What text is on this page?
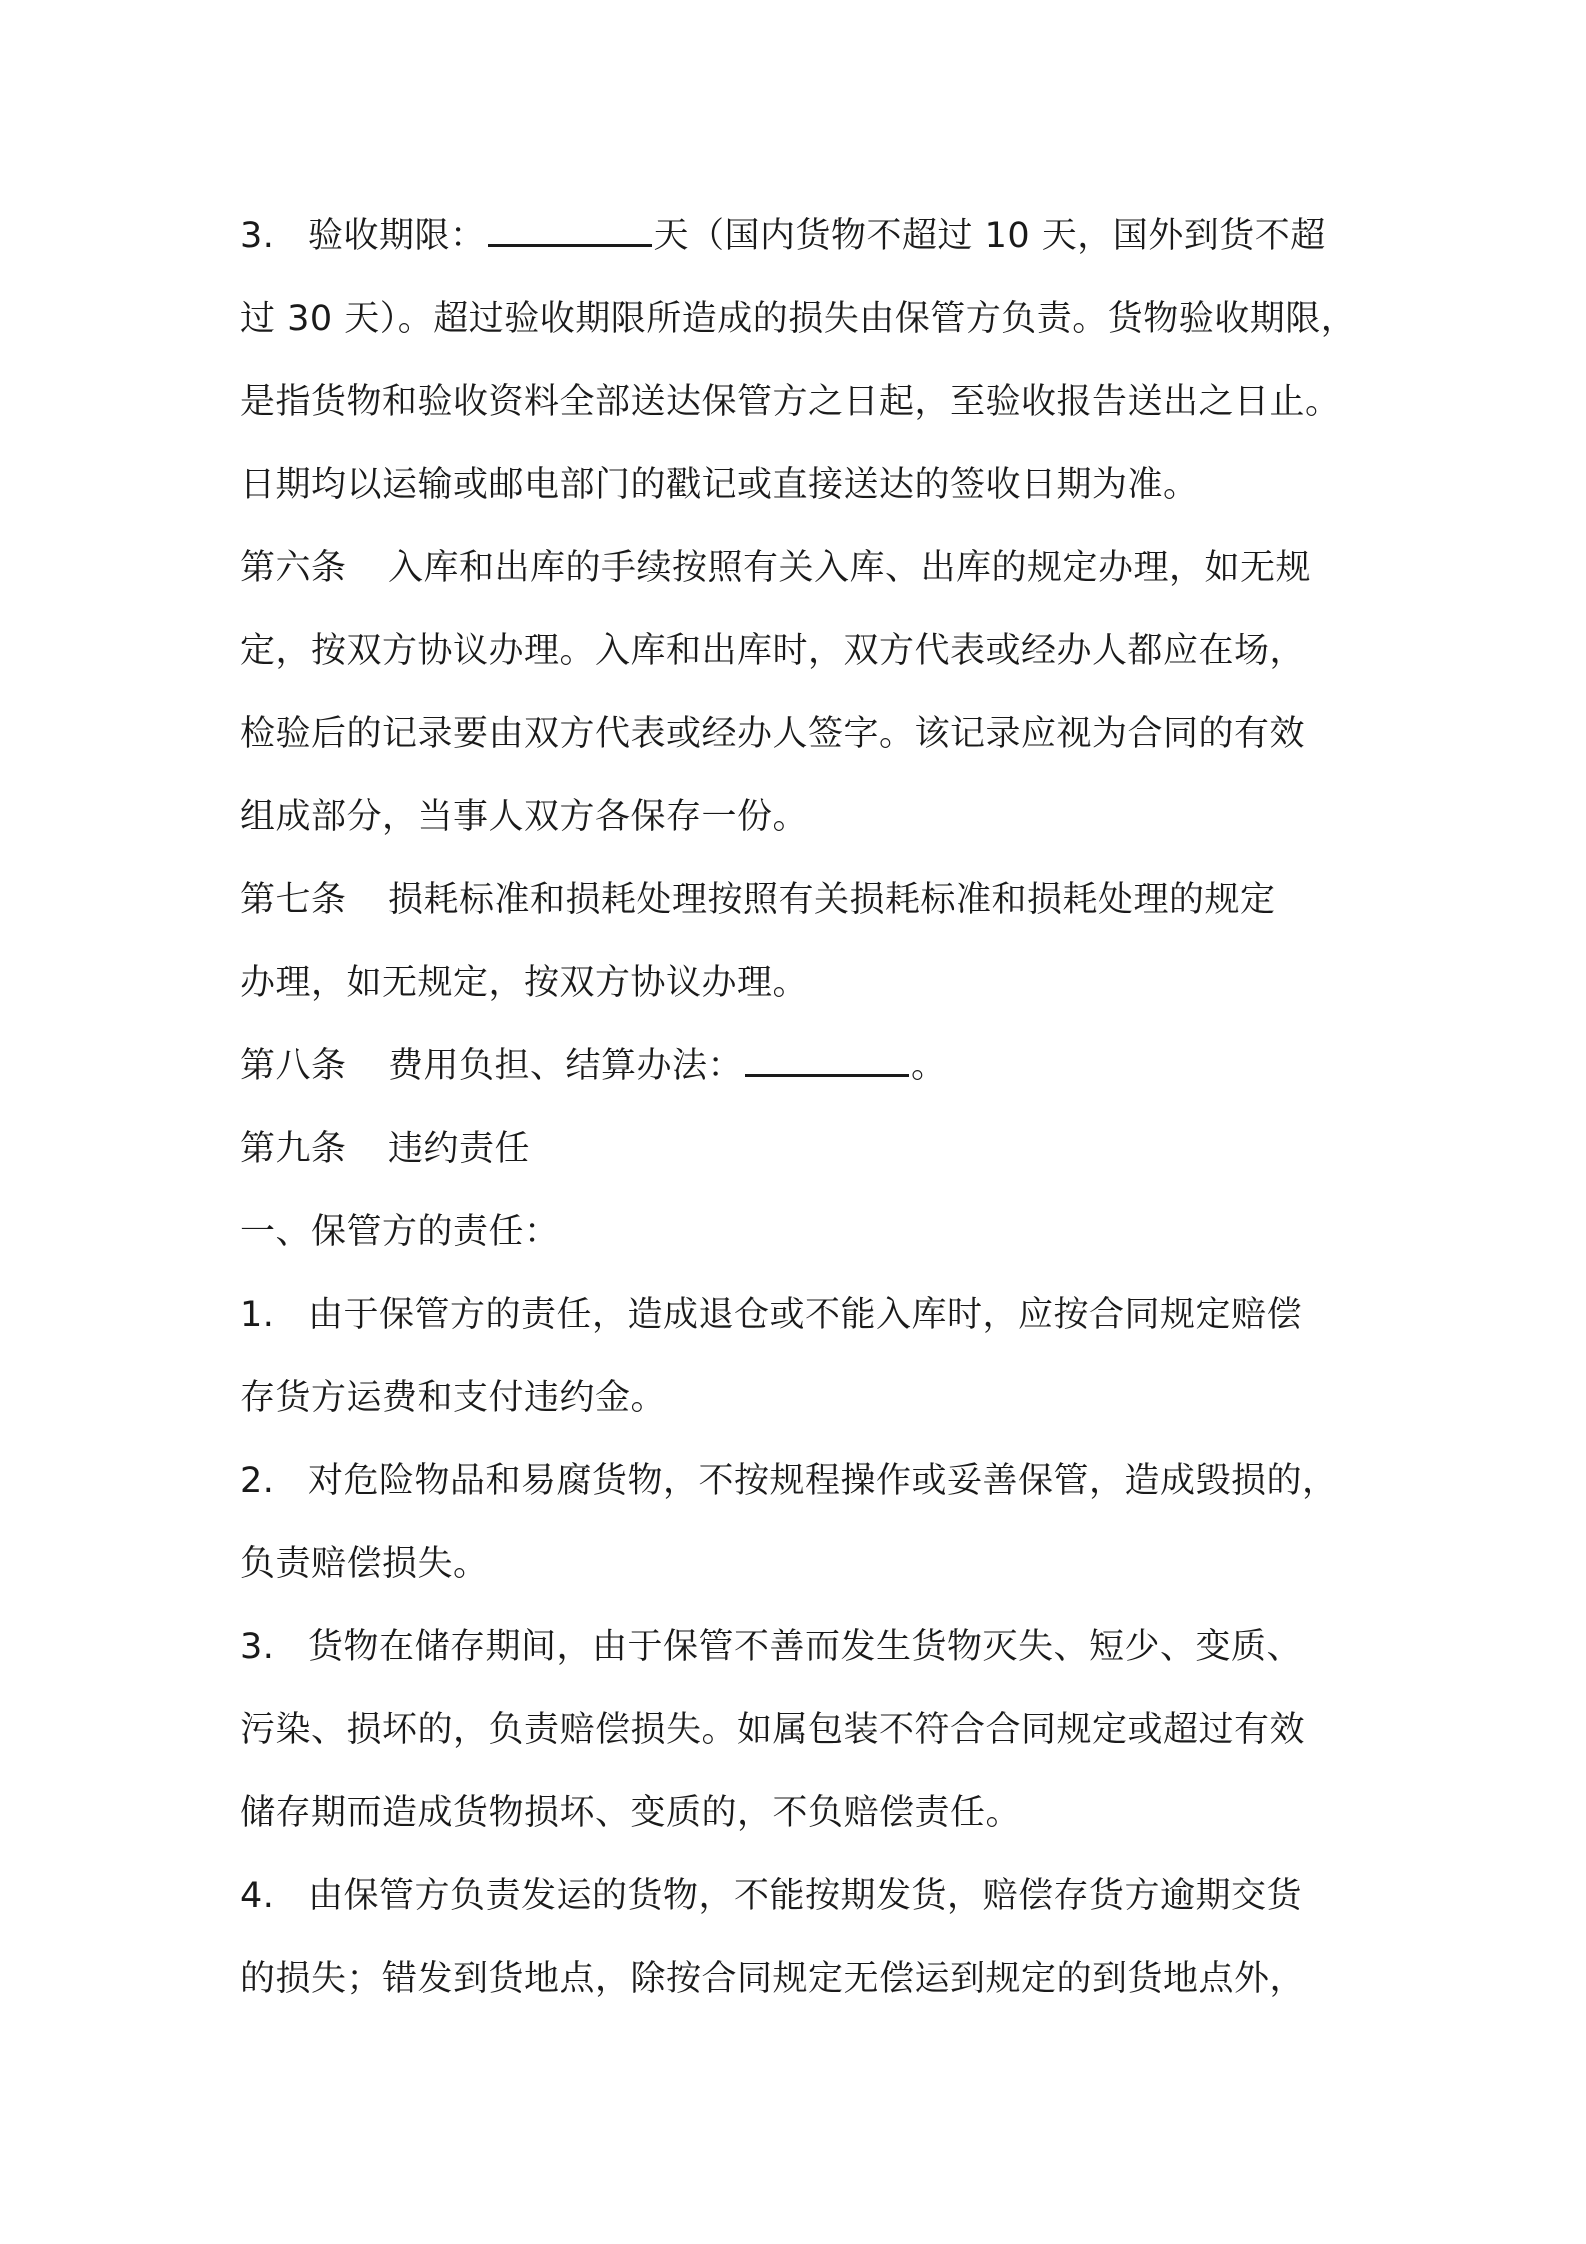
3. 验收期限：	天（国内货物不超过 10 天，国外到货不超
过 30 天）。超过验收期限所造成的损失由保管方负责。货物验收期限，
是指货物和验收资料全部送达保管方之日起，至验收报告送出之日止。
日期均以运输或邮电部门的戳记或直接送达的签收日期为准。
第六条 入库和出库的手续按照有关入库、出库的规定办理，如无规
定，按双方协议办理。入库和出库时，双方代表或经办人都应在场，
检验后的记录要由双方代表或经办人签字。该记录应视为合同的有效
组成部分，当事人双方各保存一份。
第七条 损耗标准和损耗处理按照有关损耗标准和损耗处理的规定
办理，如无规定，按双方协议办理。
第八条 费用负担、结算办法：	。
第九条 违约责任
一、保管方的责任：
1. 由于保管方的责任，造成退仓或不能入库时，应按合同规定赔偿
存货方运费和支付违约金。
2. 对危险物品和易腐货物，不按规程操作或妥善保管，造成毁损的，
负责赔偿损失。
3. 货物在储存期间，由于保管不善而发生货物灭失、短少、变质、
污染、损坏的，负责赔偿损失。如属包装不符合合同规定或超过有效
储存期而造成货物损坏、变质的，不负赔偿责任。
4. 由保管方负责发运的货物，不能按期发货，赔偿存货方逾期交货
的损失；错发到货地点，除按合同规定无偿运到规定的到货地点外，
